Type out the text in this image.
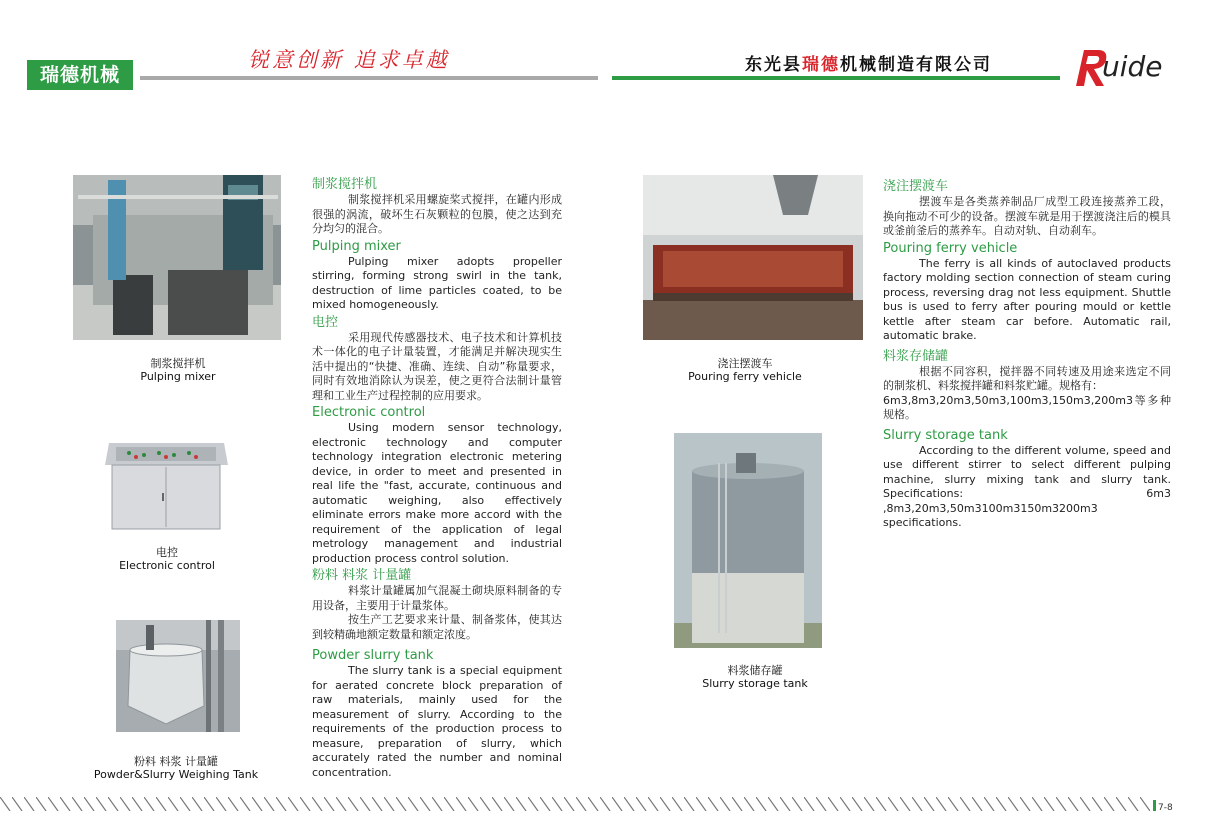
瑞德机械
锐意创新 追求卓越	东光县瑞德机械制造有限公司	uide
制浆搅拌机
Pulping mixer
电控
Electronic control
粉料 料浆 计量罐
Powder&Slurry Weighing Tank
制浆搅拌机

制浆搅拌机采用螺旋桨式搅拌，在罐内形成很强的涡流，破坏生石灰颗粒的包膜，使之达到充分均匀的混合。

Pulping mixer

Pulping mixer adopts propeller stirring, forming strong swirl in the tank, destruction of lime particles coated, to be mixed homogeneously.

电控

采用现代传感器技术、电子技术和计算机技术一体化的电子计量装置，才能满足并解决现实生活中提出的“快捷、准确、连续、自动”称量要求，同时有效地消除认为误差，使之更符合法制计量管理和工业生产过程控制的应用要求。

Electronic control

Using modern sensor technology, electronic technology and computer technology integration electronic metering device, in order to meet and presented in real life the "fast, accurate, continuous and automatic weighing, also effectively eliminate errors make more accord with the requirement of the application of legal metrology management and industrial production process control solution.

粉料 料浆 计量罐

料浆计量罐属加气混凝土砌块原料制备的专用设备，主要用于计量浆体。

按生产工艺要求来计量、制备浆体，使其达到较精确地额定数量和额定浓度。

Powder slurry tank

The slurry tank is a special equipment for aerated concrete block preparation of raw materials, mainly used for the measurement of slurry. According to the requirements of the production process to measure, preparation of slurry, which accurately rated the number and nominal concentration.

浇注摆渡车
Pouring ferry vehicle
料浆储存罐
Slurry storage tank
浇注摆渡车

摆渡车是各类蒸养制品厂成型工段连接蒸养工段，换向拖动不可少的设备。摆渡车就是用于摆渡浇注后的模具或釜前釜后的蒸养车。自动对轨、自动刹车。

Pouring ferry vehicle

The ferry is all kinds of autoclaved products factory molding section connection of steam curing process, reversing drag not less equipment. Shuttle bus is used to ferry after pouring mould or kettle kettle after steam car before. Automatic rail, automatic brake.

料浆存储罐

根据不同容积，搅拌器不同转速及用途来选定不同的制浆机、料浆搅拌罐和料浆贮罐。规格有：

6m3,8m3,20m3,50m3,100m3,150m3,200m3等多种规格。

Slurry storage tank

According to the different volume, speed and use different stirrer to select different pulping machine, slurry mixing tank and slurry tank. Specifications: 6m3 ,8m3,20m3,50m3100m3150m3200m3 specifications.

7-8
